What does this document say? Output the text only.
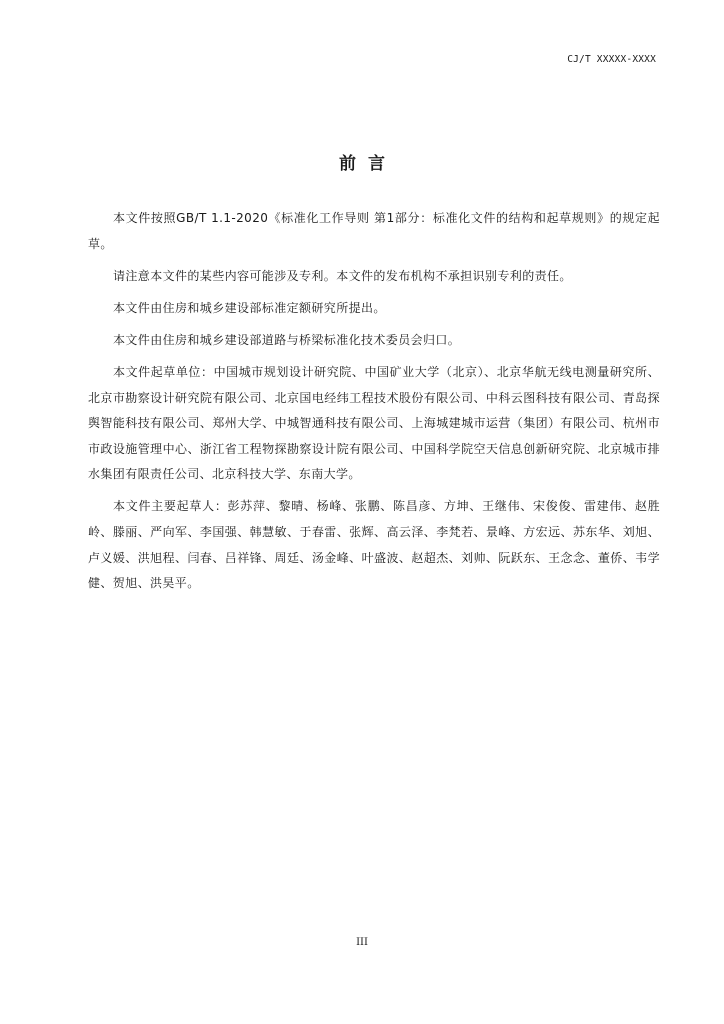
CJ/T XXXXX-XXXX
前言

本文件按照GB/T 1.1-2020《标准化工作导则 第1部分：标准化文件的结构和起草规则》的规定起草。

请注意本文件的某些内容可能涉及专利。本文件的发布机构不承担识别专利的责任。

本文件由住房和城乡建设部标准定额研究所提出。

本文件由住房和城乡建设部道路与桥梁标准化技术委员会归口。

本文件起草单位：中国城市规划设计研究院、中国矿业大学（北京）、北京华航无线电测量研究所、北京市勘察设计研究院有限公司、北京国电经纬工程技术股份有限公司、中科云图科技有限公司、青岛探舆智能科技有限公司、郑州大学、中城智通科技有限公司、上海城建城市运营（集团）有限公司、杭州市市政设施管理中心、浙江省工程物探勘察设计院有限公司、中国科学院空天信息创新研究院、北京城市排水集团有限责任公司、北京科技大学、东南大学。

本文件主要起草人：彭苏萍、黎晴、杨峰、张鹏、陈昌彦、方坤、王继伟、宋俊俊、雷建伟、赵胜岭、滕丽、严向军、李国强、韩慧敏、于春雷、张辉、高云泽、李梵若、景峰、方宏远、苏东华、刘旭、卢义媛、洪旭程、闫春、吕祥锋、周廷、汤金峰、叶盛波、赵超杰、刘帅、阮跃东、王念念、董侨、韦学健、贺旭、洪昊平。

III
